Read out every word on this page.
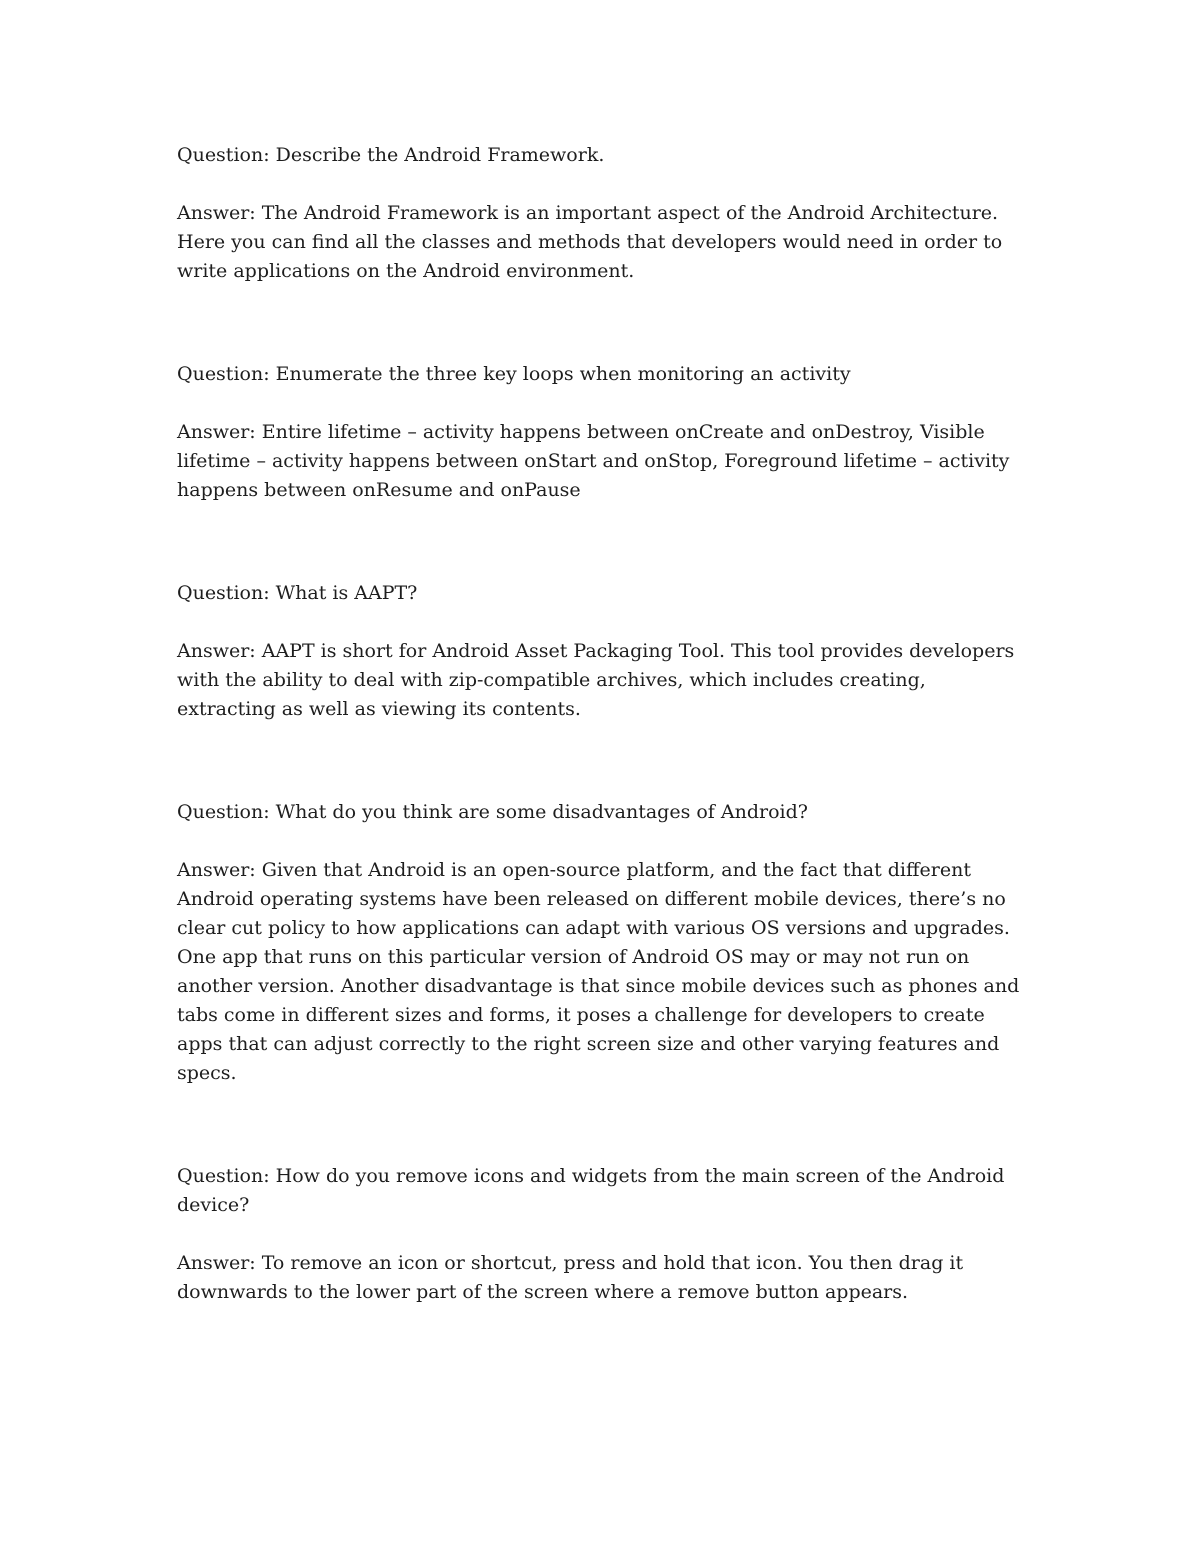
Question: Describe the Android Framework.

Answer: The Android Framework is an important aspect of the Android Architecture. Here you can find all the classes and methods that developers would need in order to write applications on the Android environment.

Question: Enumerate the three key loops when monitoring an activity

Answer: Entire lifetime – activity happens between onCreate and onDestroy, Visible lifetime – activity happens between onStart and onStop, Foreground lifetime – activity happens between onResume and onPause

Question: What is AAPT?

Answer: AAPT is short for Android Asset Packaging Tool. This tool provides developers with the ability to deal with zip-compatible archives, which includes creating, extracting as well as viewing its contents.

Question: What do you think are some disadvantages of Android?

Answer: Given that Android is an open-source platform, and the fact that different Android operating systems have been released on different mobile devices, there’s no clear cut policy to how applications can adapt with various OS versions and upgrades. One app that runs on this particular version of Android OS may or may not run on another version. Another disadvantage is that since mobile devices such as phones and tabs come in different sizes and forms, it poses a challenge for developers to create apps that can adjust correctly to the right screen size and other varying features and specs.

Question: How do you remove icons and widgets from the main screen of the Android device?

Answer: To remove an icon or shortcut, press and hold that icon. You then drag it downwards to the lower part of the screen where a remove button appears.
